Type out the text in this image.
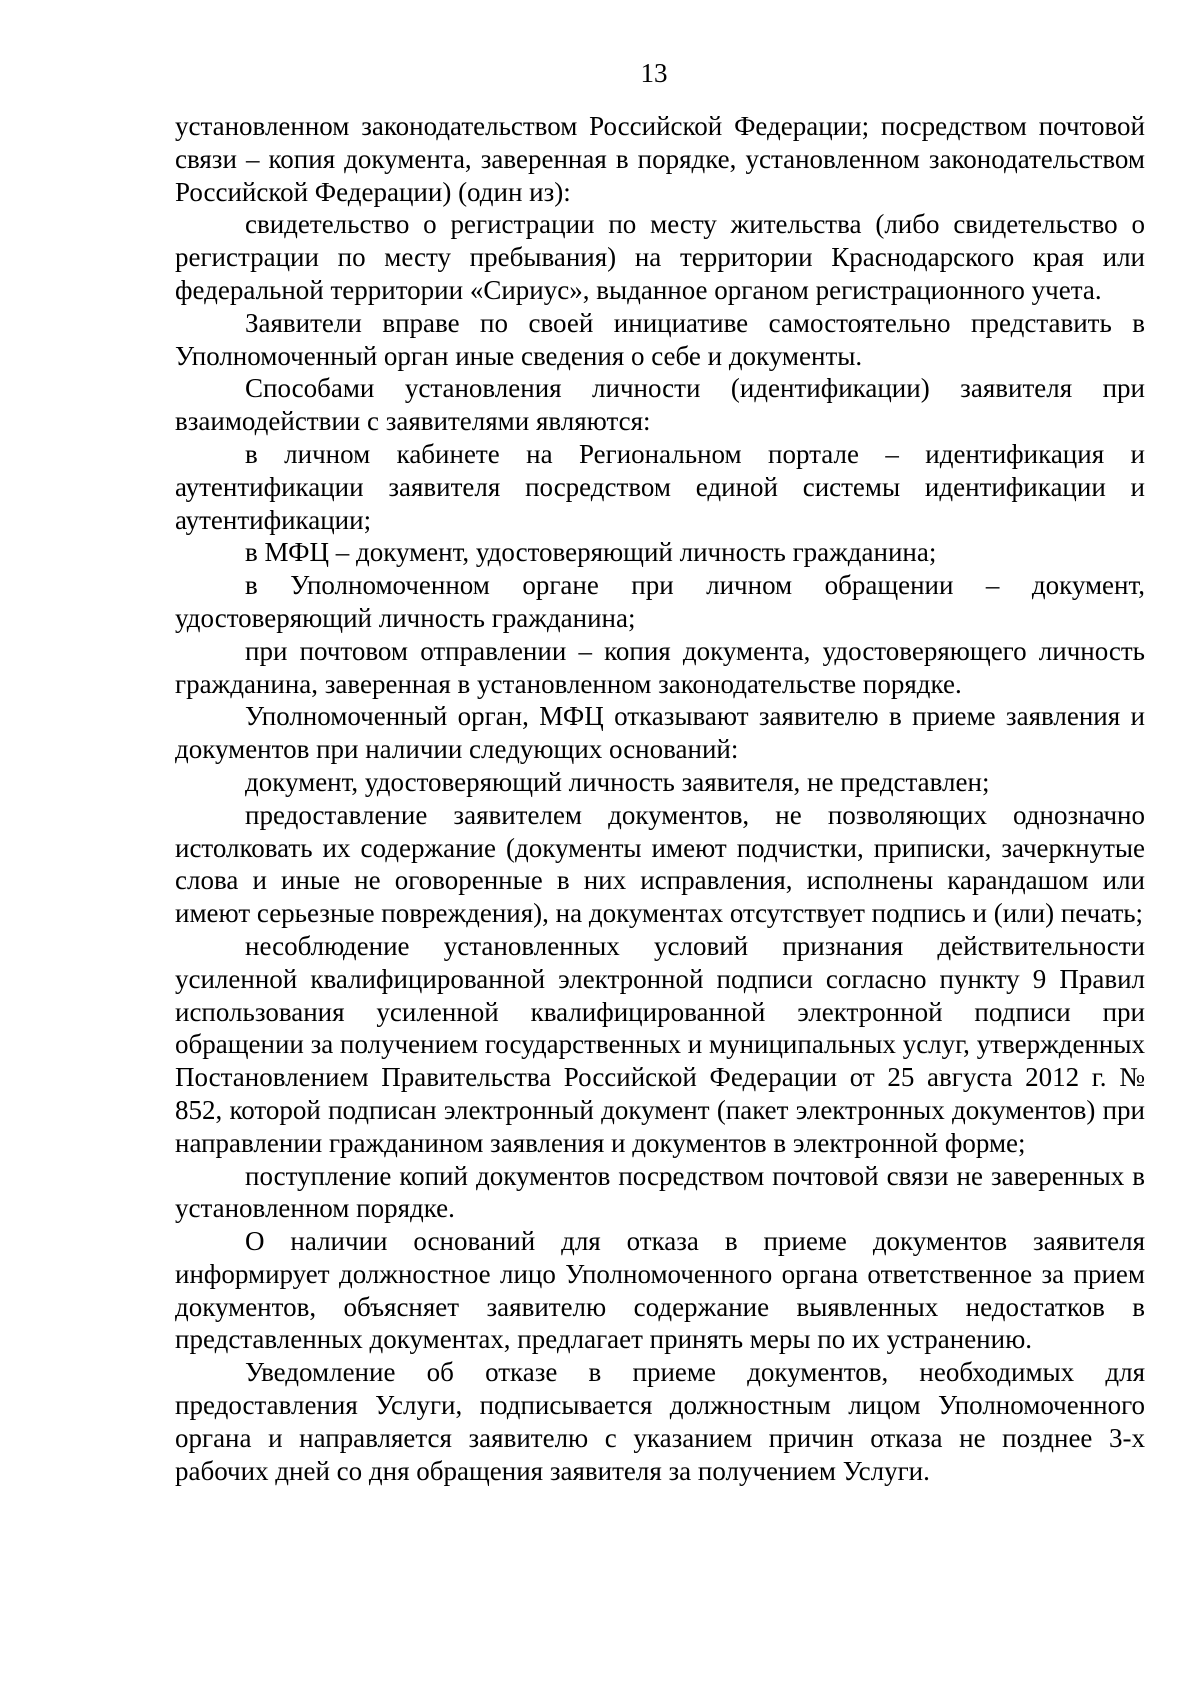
13

установленном законодательством Российской Федерации; посредством почтовой связи – копия документа, заверенная в порядке, установленном законодательством Российской Федерации) (один из):

свидетельство о регистрации по месту жительства (либо свидетельство о регистрации по месту пребывания) на территории Краснодарского края или федеральной территории «Сириус», выданное органом регистрационного учета.

Заявители вправе по своей инициативе самостоятельно представить в Уполномоченный орган иные сведения о себе и документы.

Способами установления личности (идентификации) заявителя при взаимодействии с заявителями являются:

в личном кабинете на Региональном портале – идентификация и аутентификации заявителя посредством единой системы идентификации и аутентификации;

в МФЦ – документ, удостоверяющий личность гражданина;

в Уполномоченном органе при личном обращении – документ, удостоверяющий личность гражданина;

при почтовом отправлении – копия документа, удостоверяющего личность гражданина, заверенная в установленном законодательстве порядке.

Уполномоченный орган, МФЦ отказывают заявителю в приеме заявления и документов при наличии следующих оснований:

документ, удостоверяющий личность заявителя, не представлен;

предоставление заявителем документов, не позволяющих однозначно истолковать их содержание (документы имеют подчистки, приписки, зачеркнутые слова и иные не оговоренные в них исправления, исполнены карандашом или имеют серьезные повреждения), на документах отсутствует подпись и (или) печать;

несоблюдение установленных условий признания действительности усиленной квалифицированной электронной подписи согласно пункту 9 Правил использования усиленной квалифицированной электронной подписи при обращении за получением государственных и муниципальных услуг, утвержденных Постановлением Правительства Российской Федерации от 25 августа 2012 г. № 852, которой подписан электронный документ (пакет электронных документов) при направлении гражданином заявления и документов в электронной форме;

поступление копий документов посредством почтовой связи не заверенных в установленном порядке.

О наличии оснований для отказа в приеме документов заявителя информирует должностное лицо Уполномоченного органа ответственное за прием документов, объясняет заявителю содержание выявленных недостатков в представленных документах, предлагает принять меры по их устранению.

Уведомление об отказе в приеме документов, необходимых для предоставления Услуги, подписывается должностным лицом Уполномоченного органа и направляется заявителю с указанием причин отказа не позднее 3-х рабочих дней со дня обращения заявителя за получением Услуги.
